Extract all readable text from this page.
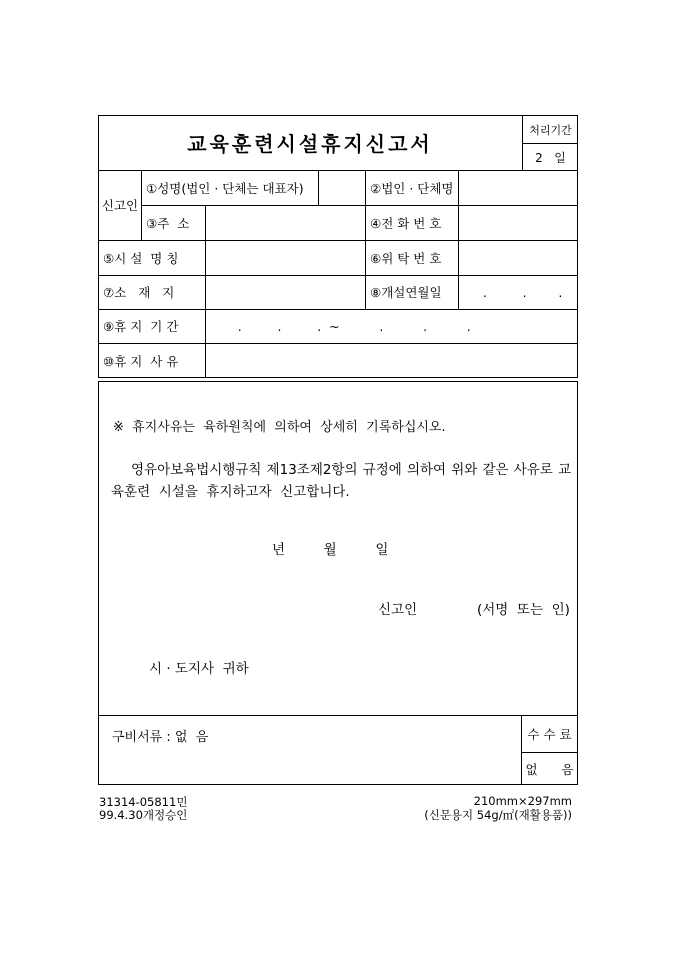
교육훈련시설휴지신고서
처리기간
2   일
신고인
①성명(법인 · 단체는 대표자)	②법인 · 단체명
③주  소	④전 화 번 호
⑤시 설  명 칭	⑥위 탁 번 호
⑦소   재   지	⑧개설연월일	.         .        .
⑨휴 지  기 간	.         .         .  ~          .          .          .
⑩휴 지  사 유
※  휴지사유는  육하원칙에  의하여  상세히  기록하십시오.
영유아보육법시행규칙 제13조제2항의 규정에 의하여 위와 같은 사유로 교
육훈련  시설을  휴지하고자  신고합니다.
년         월         일
신고인	(서명  또는  인)
시 · 도지사  귀하
구비서류 : 없  음	수 수 료
없      음
31314-05811민
99.4.30개정승인
210mm×297mm
(신문용지 54g/㎡(재활용품))
